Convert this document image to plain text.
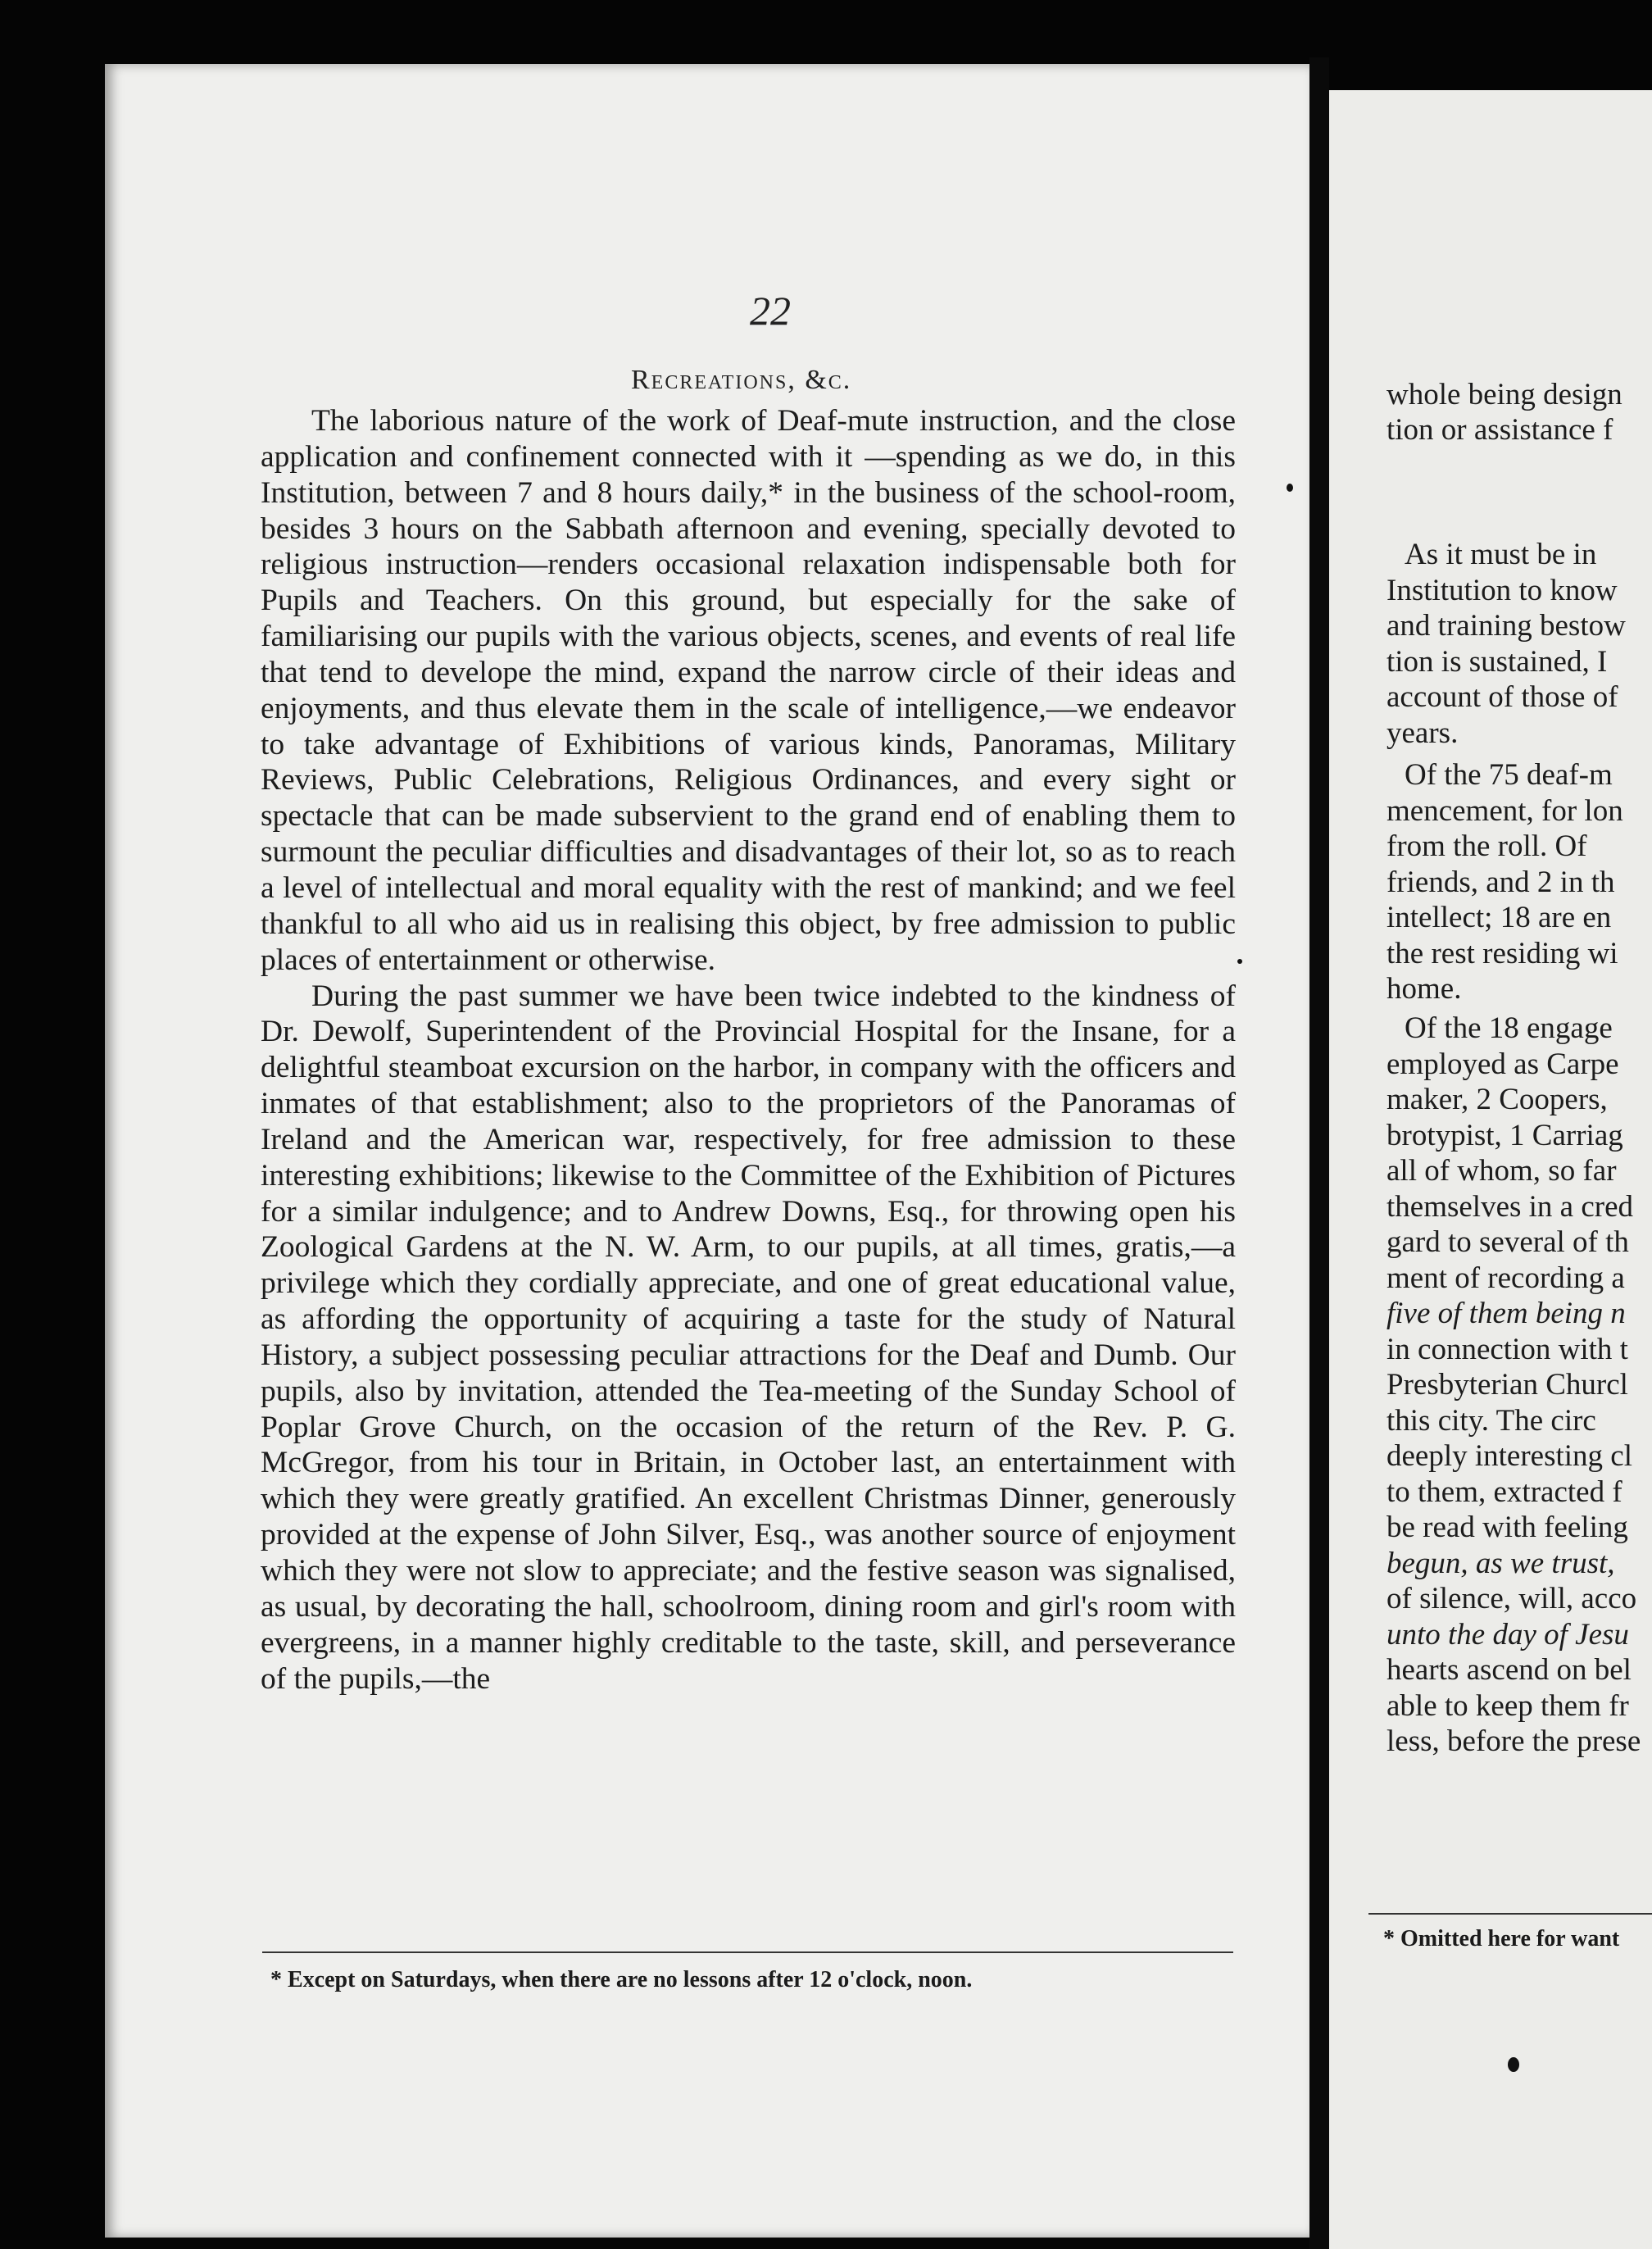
22
Recreations, &c.

The laborious nature of the work of Deaf-mute instruction, and the close application and confinement connected with it —spending as we do, in this Institution, between 7 and 8 hours daily,* in the business of the school-room, besides 3 hours on the Sabbath afternoon and evening, specially devoted to religious instruction—renders occasional relaxation indispensable both for Pupils and Teachers. On this ground, but especially for the sake of familiarising our pupils with the various objects, scenes, and events of real life that tend to develope the mind, expand the narrow circle of their ideas and enjoyments, and thus elevate them in the scale of intelligence,—we endeavor to take advantage of Exhibitions of various kinds, Panoramas, Military Reviews, Public Celebrations, Religious Ordinances, and every sight or spectacle that can be made subservient to the grand end of enabling them to surmount the peculiar difficulties and disadvantages of their lot, so as to reach a level of intellectual and moral equality with the rest of mankind; and we feel thankful to all who aid us in realising this object, by free admission to public places of entertainment or otherwise.

During the past summer we have been twice indebted to the kindness of Dr. Dewolf, Superintendent of the Provincial Hospital for the Insane, for a delightful steamboat excursion on the harbor, in company with the officers and inmates of that establishment; also to the proprietors of the Panoramas of Ireland and the American war, respectively, for free admission to these interesting exhibitions; likewise to the Committee of the Exhibition of Pictures for a similar indulgence; and to Andrew Downs, Esq., for throwing open his Zoological Gardens at the N. W. Arm, to our pupils, at all times, gratis,—a privilege which they cordially appreciate, and one of great educational value, as affording the opportunity of acquiring a taste for the study of Natural History, a subject possessing peculiar attractions for the Deaf and Dumb. Our pupils, also by invitation, attended the Tea-meeting of the Sunday School of Poplar Grove Church, on the occasion of the return of the Rev. P. G. McGregor, from his tour in Britain, in October last, an entertainment with which they were greatly gratified. An excellent Christmas Dinner, generously provided at the expense of John Silver, Esq., was another source of enjoyment which they were not slow to appreciate; and the festive season was signalised, as usual, by decorating the hall, schoolroom, dining room and girl's room with evergreens, in a manner highly creditable to the taste, skill, and perseverance of the pupils,—the

* Except on Saturdays, when there are no lessons after 12 o'clock, noon.
whole being design
tion or assistance f
As it must be in
Institution to know
and training bestow
tion is sustained, I
account of those of
years.
Of the 75 deaf-m
mencement, for lon
from the roll. Of
friends, and 2 in th
intellect; 18 are en
the rest residing wi
home.
Of the 18 engage
employed as Carpe
maker, 2 Coopers,
brotypist, 1 Carriag
all of whom, so far
themselves in a cred
gard to several of th
ment of recording a
five of them being n
in connection with t
Presbyterian Churcl
this city. The circ
deeply interesting cl
to them, extracted f
be read with feeling
begun, as we trust,
of silence, will, acco
unto the day of Jesu
hearts ascend on bel
able to keep them fr
less, before the prese
* Omitted here for want
